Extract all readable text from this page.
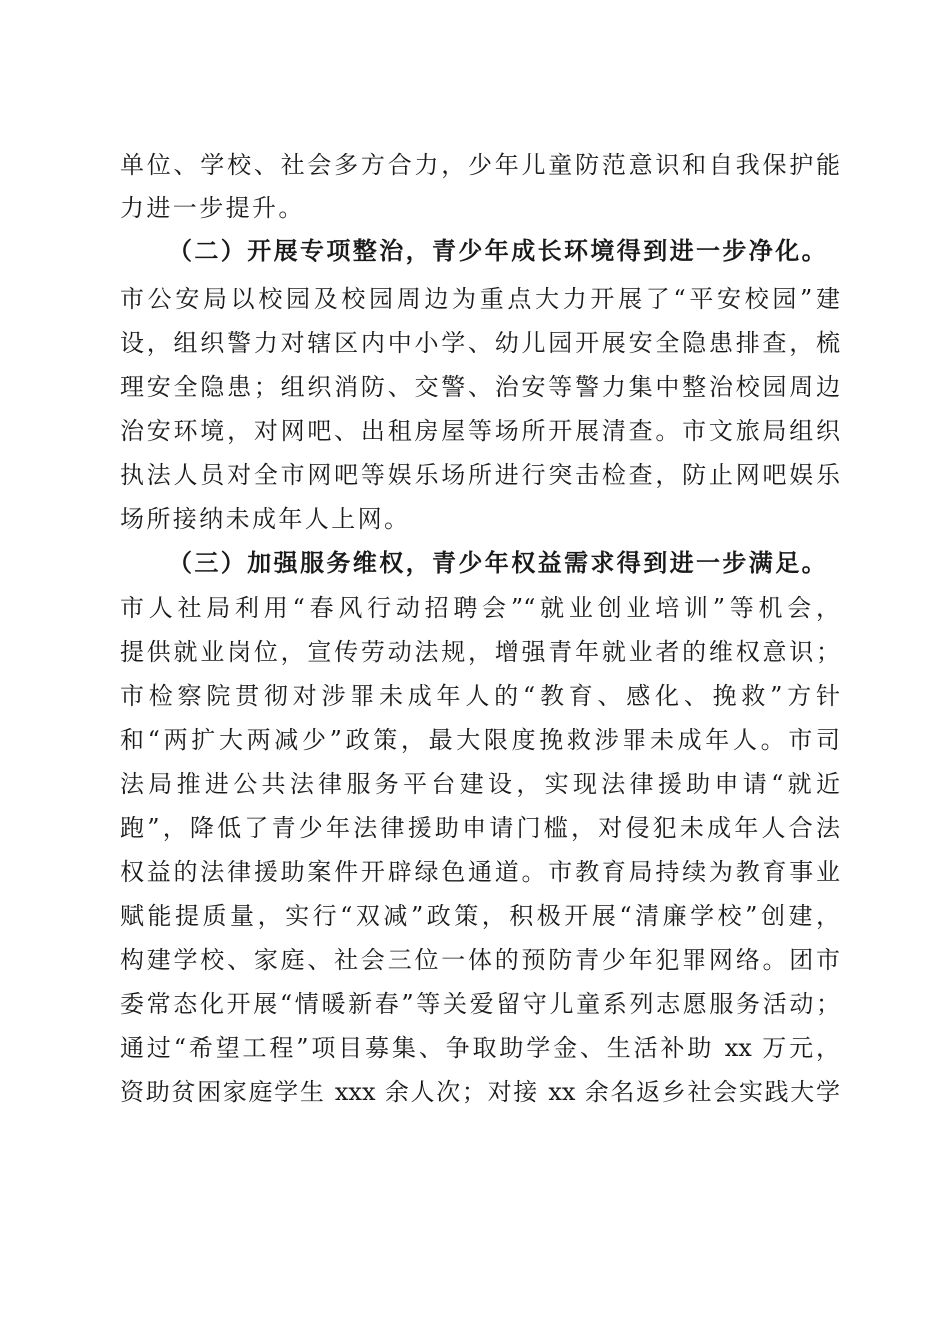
单位、学校、社会多方合力，少年儿童防范意识和自我保护能
力进一步提升。
（二）开展专项整治，青少年成长环境得到进一步净化。
市公安局以校园及校园周边为重点大力开展了“平安校园”建
设，组织警力对辖区内中小学、幼儿园开展安全隐患排查，梳
理安全隐患；组织消防、交警、治安等警力集中整治校园周边
治安环境，对网吧、出租房屋等场所开展清查。市文旅局组织
执法人员对全市网吧等娱乐场所进行突击检查，防止网吧娱乐
场所接纳未成年人上网。
（三）加强服务维权，青少年权益需求得到进一步满足。
市人社局利用“春风行动招聘会”“就业创业培训”等机会，
提供就业岗位，宣传劳动法规，增强青年就业者的维权意识；
市检察院贯彻对涉罪未成年人的“教育、感化、挽救”方针
和“两扩大两减少”政策，最大限度挽救涉罪未成年人。市司
法局推进公共法律服务平台建设，实现法律援助申请“就近
跑”，降低了青少年法律援助申请门槛，对侵犯未成年人合法
权益的法律援助案件开辟绿色通道。市教育局持续为教育事业
赋能提质量，实行“双减”政策，积极开展“清廉学校”创建，
构建学校、家庭、社会三位一体的预防青少年犯罪网络。团市
委常态化开展“情暖新春”等关爱留守儿童系列志愿服务活动；
通过“希望工程”项目募集、争取助学金、生活补助 xx 万元，
资助贫困家庭学生 xxx 余人次；对接 xx 余名返乡社会实践大学
